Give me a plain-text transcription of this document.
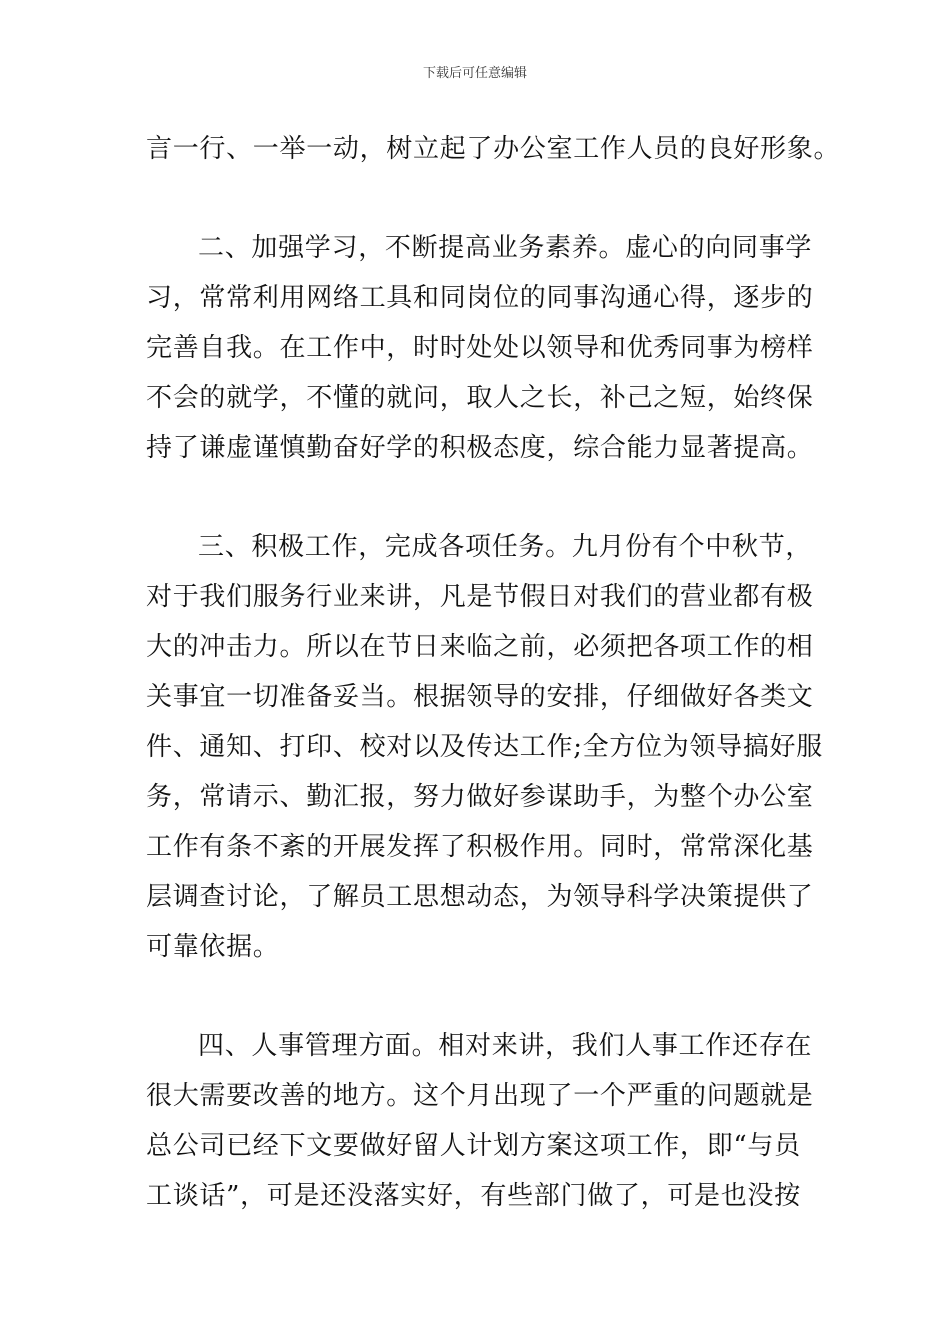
下载后可任意编辑
言一行、一举一动，树立起了办公室工作人员的良好形象。
二、加强学习，不断提高业务素养。虚心的向同事学
习，常常利用网络工具和同岗位的同事沟通心得，逐步的
完善自我。在工作中，时时处处以领导和优秀同事为榜样
不会的就学，不懂的就问，取人之长，补己之短，始终保
持了谦虚谨慎勤奋好学的积极态度，综合能力显著提高。
三、积极工作，完成各项任务。九月份有个中秋节，
对于我们服务行业来讲，凡是节假日对我们的营业都有极
大的冲击力。所以在节日来临之前，必须把各项工作的相
关事宜一切准备妥当。根据领导的安排，仔细做好各类文
件、通知、打印、校对以及传达工作;全方位为领导搞好服
务，常请示、勤汇报，努力做好参谋助手，为整个办公室
工作有条不紊的开展发挥了积极作用。同时，常常深化基
层调查讨论，了解员工思想动态，为领导科学决策提供了
可靠依据。
四、人事管理方面。相对来讲，我们人事工作还存在
很大需要改善的地方。这个月出现了一个严重的问题就是
总公司已经下文要做好留人计划方案这项工作，即“与员
工谈话”，可是还没落实好，有些部门做了，可是也没按
